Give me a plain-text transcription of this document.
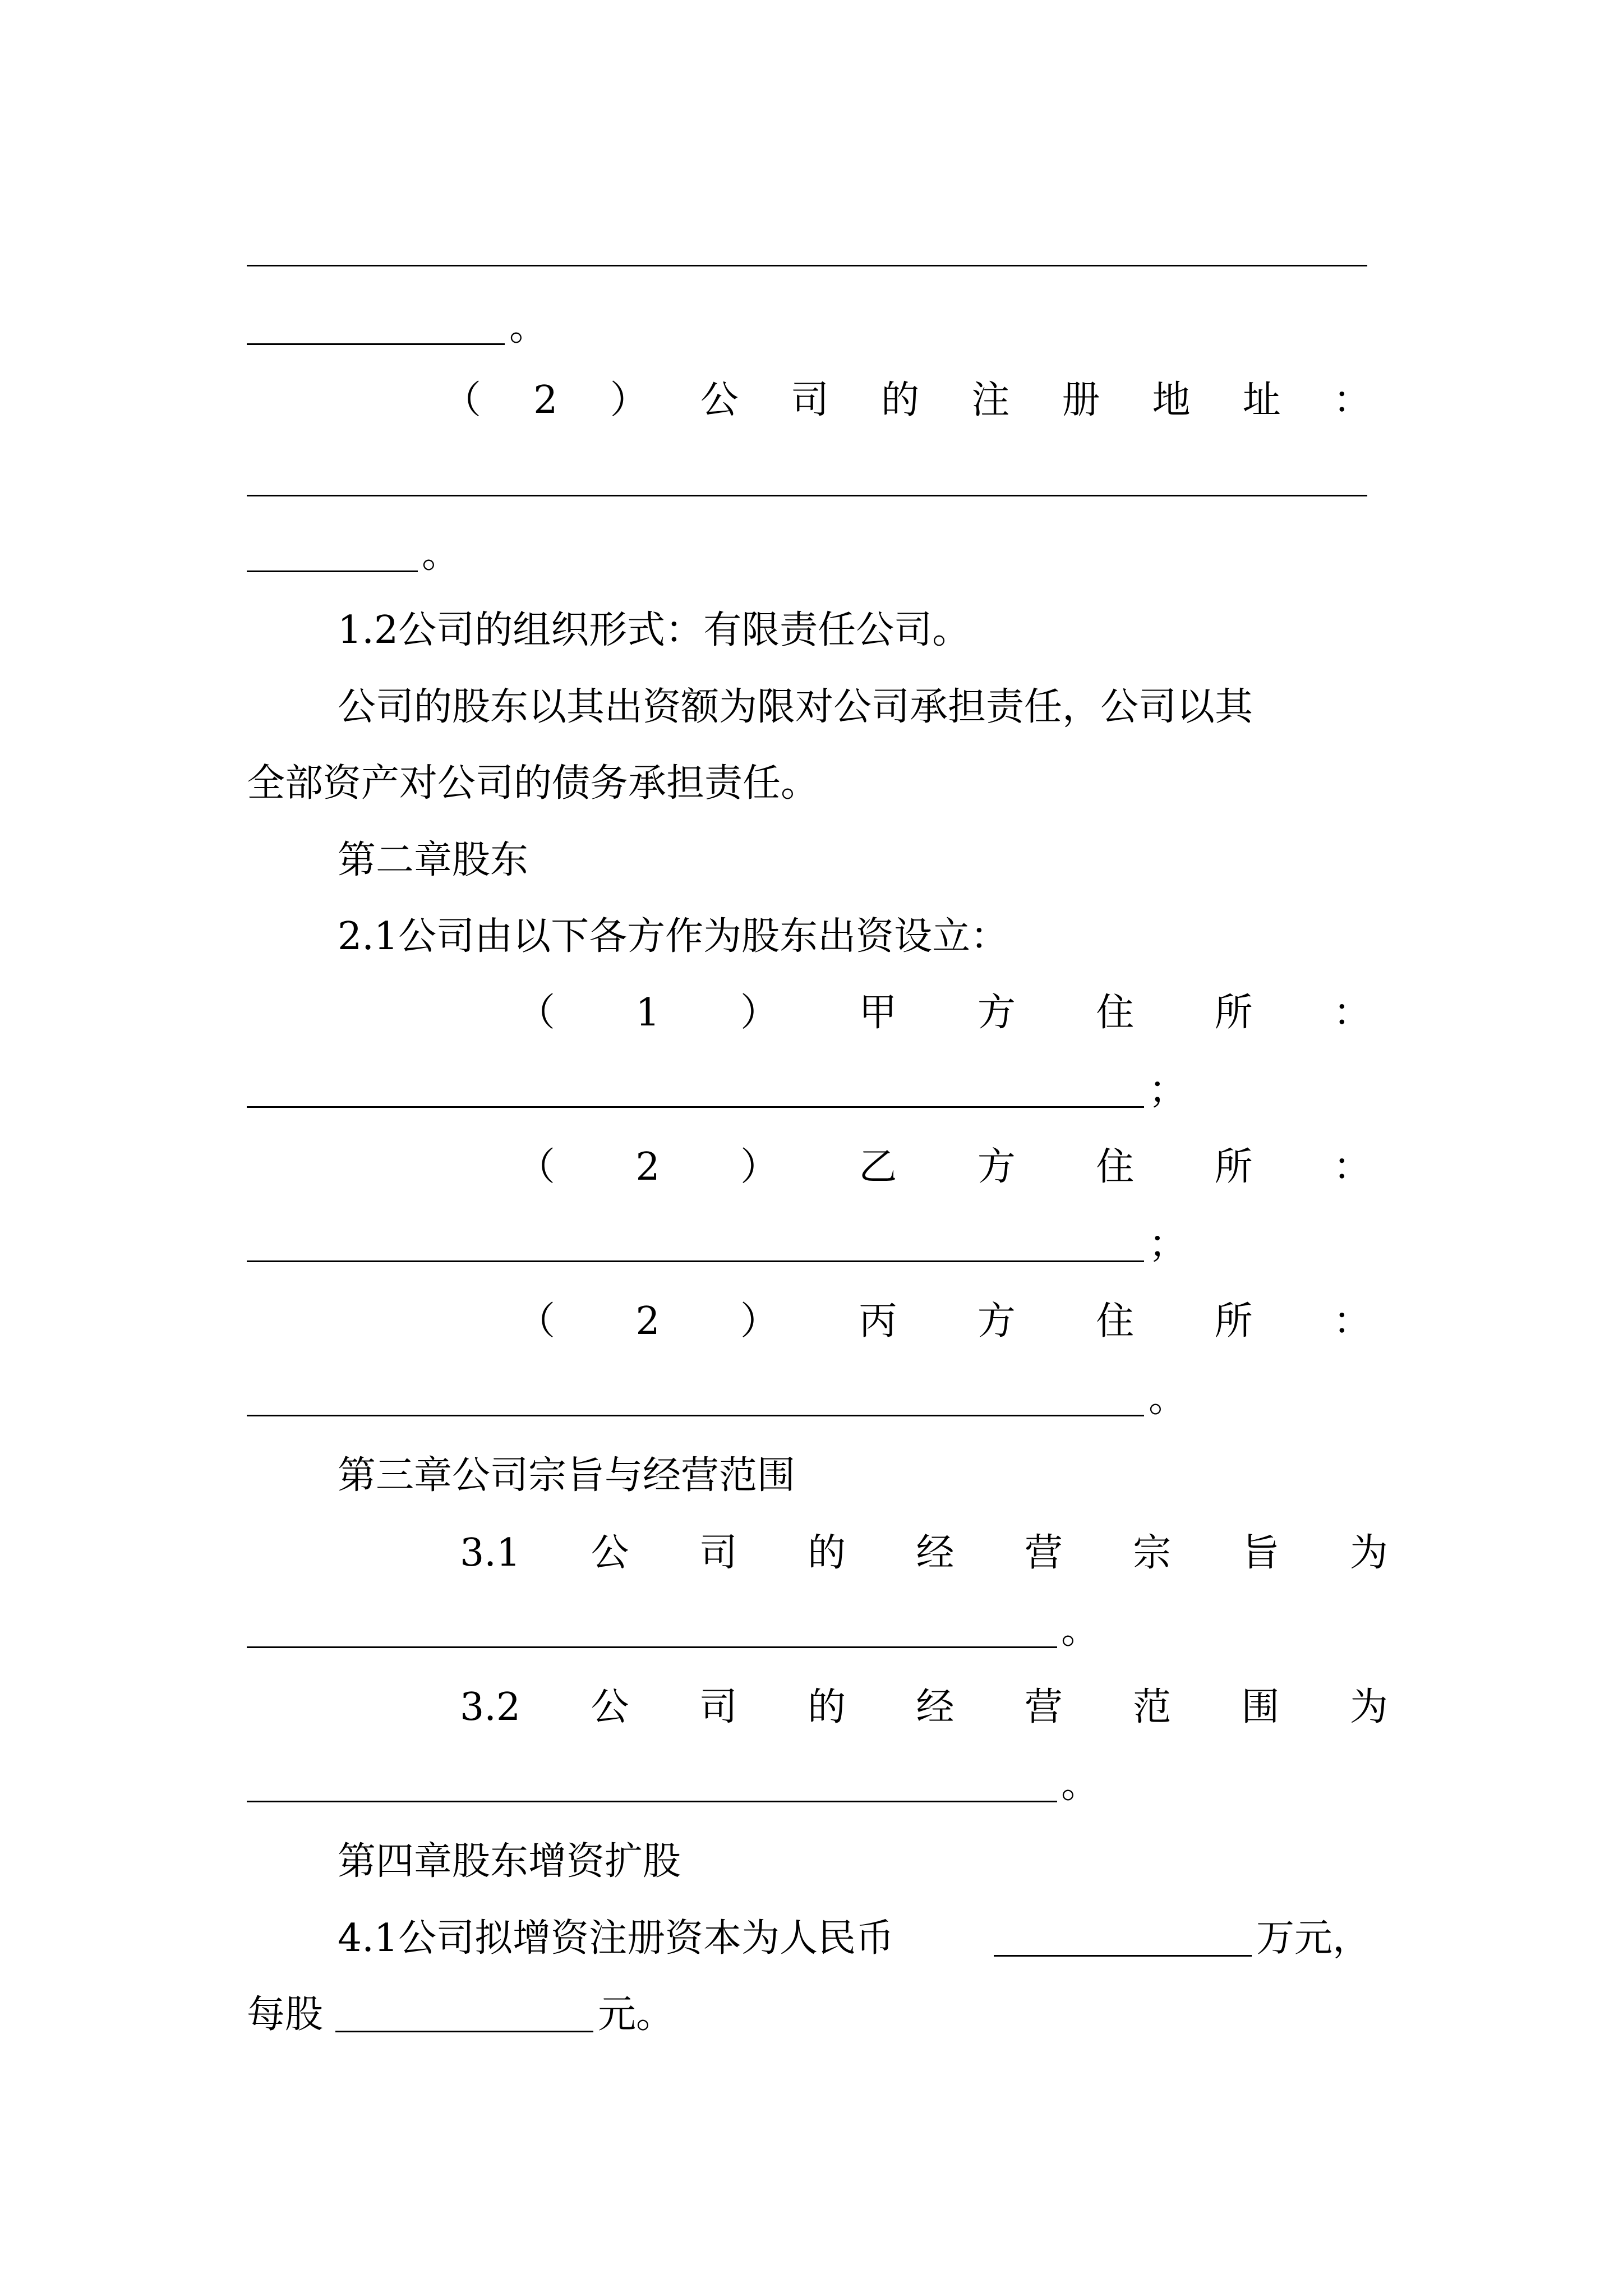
。
（ 2 ） 公 司 的 注 册 地 址 ：
。
1.2公司的组织形式：有限责任公司。
公司的股东以其出资额为限对公司承担责任，公司以其
全部资产对公司的债务承担责任。
第二章股东
2.1公司由以下各方作为股东出资设立：
（ 1 ） 甲 方 住 所 ：
；
（ 2 ） 乙 方 住 所 ：
；
（ 2 ） 丙 方 住 所 ：
。
第三章公司宗旨与经营范围
3.1 公 司 的 经 营 宗 旨 为
。
3.2 公 司 的 经 营 范 围 为
。
第四章股东增资扩股
4.1公司拟增资注册资本为人民币	万元，
每股	元。
